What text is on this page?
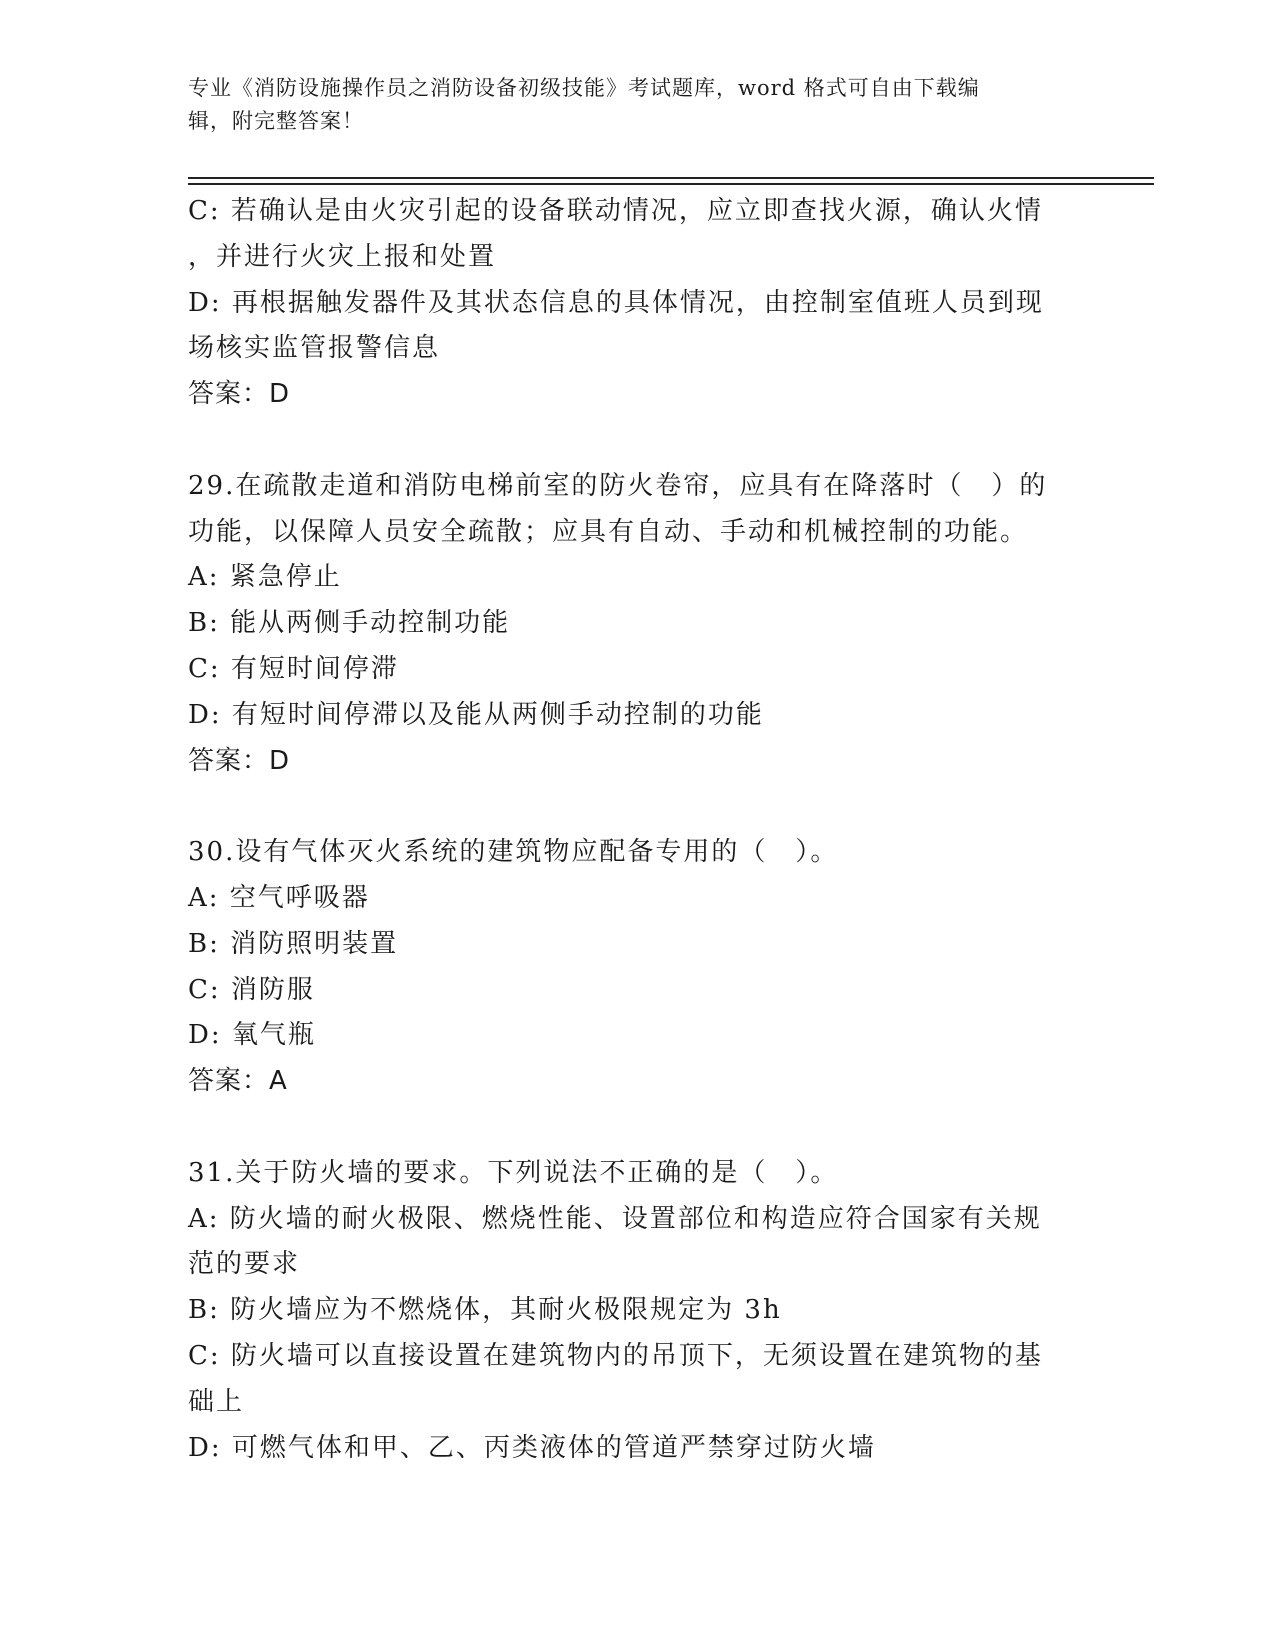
专业《消防设施操作员之消防设备初级技能》考试题库，word 格式可自由下载编
辑，附完整答案！
C: 若确认是由火灾引起的设备联动情况，应立即查找火源，确认火情
，并进行火灾上报和处置
D: 再根据触发器件及其状态信息的具体情况，由控制室值班人员到现
场核实监管报警信息
答案：D
29.在疏散走道和消防电梯前室的防火卷帘，应具有在降落时（　）的
功能，以保障人员安全疏散；应具有自动、手动和机械控制的功能。
A: 紧急停止
B: 能从两侧手动控制功能
C: 有短时间停滞
D: 有短时间停滞以及能从两侧手动控制的功能
答案：D
30.设有气体灭火系统的建筑物应配备专用的（　）。
A: 空气呼吸器
B: 消防照明装置
C: 消防服
D: 氧气瓶
答案：A
31.关于防火墙的要求。下列说法不正确的是（　）。
A: 防火墙的耐火极限、燃烧性能、设置部位和构造应符合国家有关规
范的要求
B: 防火墙应为不燃烧体，其耐火极限规定为 3h
C: 防火墙可以直接设置在建筑物内的吊顶下，无须设置在建筑物的基
础上
D: 可燃气体和甲、乙、丙类液体的管道严禁穿过防火墙
